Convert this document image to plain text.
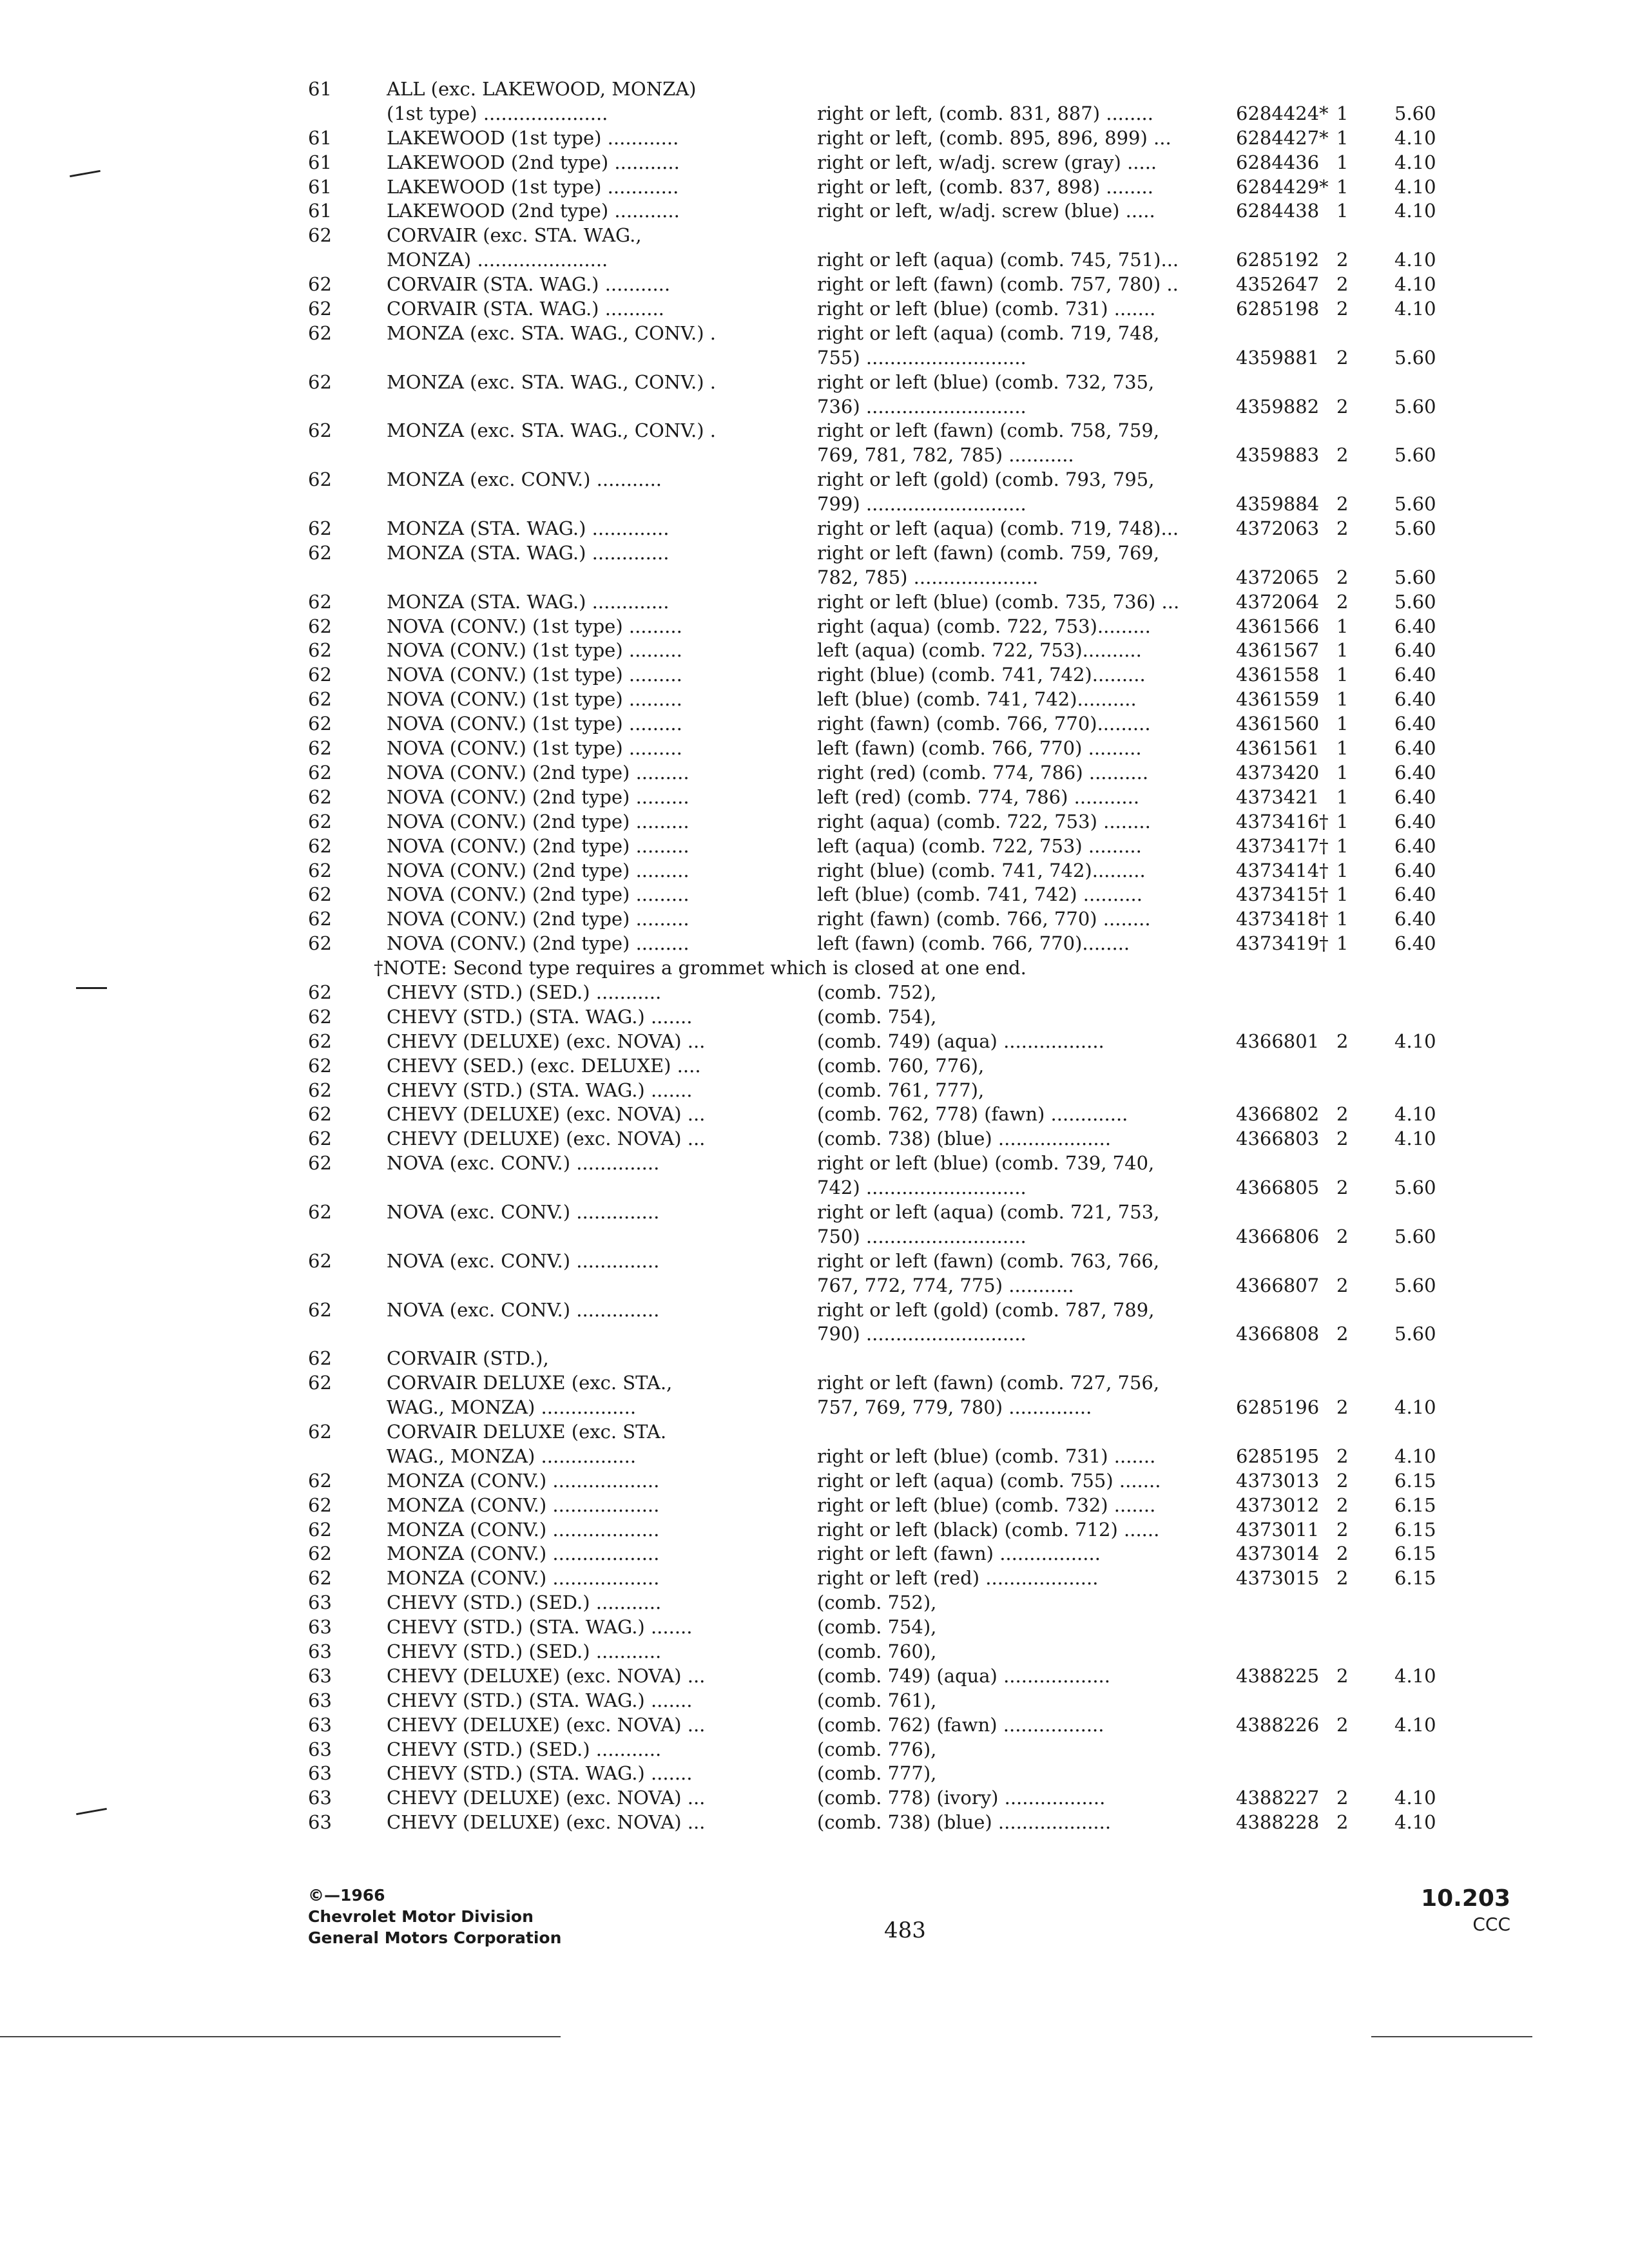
61	ALL (exc. LAKEWOOD, MONZA)
(1st type) .....................	right or left, (comb. 831, 887) ........	6284424* 1 5.60
61	LAKEWOOD (1st type) ............	right or left, (comb. 895, 896, 899) ...	6284427* 1 4.10
61	LAKEWOOD (2nd type) ...........	right or left, w/adj. screw (gray) .....	6284436 1 4.10
61	LAKEWOOD (1st type) ............	right or left, (comb. 837, 898) ........	6284429* 1 4.10
61	LAKEWOOD (2nd type) ...........	right or left, w/adj. screw (blue) .....	6284438 1 4.10
62	CORVAIR (exc. STA. WAG.,
MONZA) ......................	right or left (aqua) (comb. 745, 751)...	6285192 2 4.10
62	CORVAIR (STA. WAG.) ...........	right or left (fawn) (comb. 757, 780) ..	4352647 2 4.10
62	CORVAIR (STA. WAG.) ..........	right or left (blue) (comb. 731) .......	6285198 2 4.10
62	MONZA (exc. STA. WAG., CONV.) .	right or left (aqua) (comb. 719, 748,
755) ...........................	4359881 2 5.60
62	MONZA (exc. STA. WAG., CONV.) .	right or left (blue) (comb. 732, 735,
736) ...........................	4359882 2 5.60
62	MONZA (exc. STA. WAG., CONV.) .	right or left (fawn) (comb. 758, 759,
769, 781, 782, 785) ...........	4359883 2 5.60
62	MONZA (exc. CONV.) ...........	right or left (gold) (comb. 793, 795,
799) ...........................	4359884 2 5.60
62	MONZA (STA. WAG.) .............	right or left (aqua) (comb. 719, 748)...	4372063 2 5.60
62	MONZA (STA. WAG.) .............	right or left (fawn) (comb. 759, 769,
782, 785) .....................	4372065 2 5.60
62	MONZA (STA. WAG.) .............	right or left (blue) (comb. 735, 736) ...	4372064 2 5.60
62	NOVA (CONV.) (1st type) .........	right (aqua) (comb. 722, 753).........	4361566 1 6.40
62	NOVA (CONV.) (1st type) .........	left (aqua) (comb. 722, 753)..........	4361567 1 6.40
62	NOVA (CONV.) (1st type) .........	right (blue) (comb. 741, 742).........	4361558 1 6.40
62	NOVA (CONV.) (1st type) .........	left (blue) (comb. 741, 742)..........	4361559 1 6.40
62	NOVA (CONV.) (1st type) .........	right (fawn) (comb. 766, 770).........	4361560 1 6.40
62	NOVA (CONV.) (1st type) .........	left (fawn) (comb. 766, 770) .........	4361561 1 6.40
62	NOVA (CONV.) (2nd type) .........	right (red) (comb. 774, 786) ..........	4373420 1 6.40
62	NOVA (CONV.) (2nd type) .........	left (red) (comb. 774, 786) ...........	4373421 1 6.40
62	NOVA (CONV.) (2nd type) .........	right (aqua) (comb. 722, 753) ........	4373416† 1 6.40
62	NOVA (CONV.) (2nd type) .........	left (aqua) (comb. 722, 753) .........	4373417† 1 6.40
62	NOVA (CONV.) (2nd type) .........	right (blue) (comb. 741, 742).........	4373414† 1 6.40
62	NOVA (CONV.) (2nd type) .........	left (blue) (comb. 741, 742) ..........	4373415† 1 6.40
62	NOVA (CONV.) (2nd type) .........	right (fawn) (comb. 766, 770) ........	4373418† 1 6.40
62	NOVA (CONV.) (2nd type) .........	left (fawn) (comb. 766, 770)........	4373419† 1 6.40
†NOTE: Second type requires a grommet which is closed at one end.
62	CHEVY (STD.) (SED.) ...........	(comb. 752),
62	CHEVY (STD.) (STA. WAG.) .......	(comb. 754),
62	CHEVY (DELUXE) (exc. NOVA) ...	(comb. 749) (aqua) .................	4366801 2 4.10
62	CHEVY (SED.) (exc. DELUXE) ....	(comb. 760, 776),
62	CHEVY (STD.) (STA. WAG.) .......	(comb. 761, 777),
62	CHEVY (DELUXE) (exc. NOVA) ...	(comb. 762, 778) (fawn) .............	4366802 2 4.10
62	CHEVY (DELUXE) (exc. NOVA) ...	(comb. 738) (blue) ...................	4366803 2 4.10
62	NOVA (exc. CONV.) ..............	right or left (blue) (comb. 739, 740,
742) ...........................	4366805 2 5.60
62	NOVA (exc. CONV.) ..............	right or left (aqua) (comb. 721, 753,
750) ...........................	4366806 2 5.60
62	NOVA (exc. CONV.) ..............	right or left (fawn) (comb. 763, 766,
767, 772, 774, 775) ...........	4366807 2 5.60
62	NOVA (exc. CONV.) ..............	right or left (gold) (comb. 787, 789,
790) ...........................	4366808 2 5.60
62	CORVAIR (STD.),
62	CORVAIR DELUXE (exc. STA.,	right or left (fawn) (comb. 727, 756,
WAG., MONZA) ................	757, 769, 779, 780) ..............	6285196 2 4.10
62	CORVAIR DELUXE (exc. STA.
WAG., MONZA) ................	right or left (blue) (comb. 731) .......	6285195 2 4.10
62	MONZA (CONV.) ..................	right or left (aqua) (comb. 755) .......	4373013 2 6.15
62	MONZA (CONV.) ..................	right or left (blue) (comb. 732) .......	4373012 2 6.15
62	MONZA (CONV.) ..................	right or left (black) (comb. 712) ......	4373011 2 6.15
62	MONZA (CONV.) ..................	right or left (fawn) .................	4373014 2 6.15
62	MONZA (CONV.) ..................	right or left (red) ...................	4373015 2 6.15
63	CHEVY (STD.) (SED.) ...........	(comb. 752),
63	CHEVY (STD.) (STA. WAG.) .......	(comb. 754),
63	CHEVY (STD.) (SED.) ...........	(comb. 760),
63	CHEVY (DELUXE) (exc. NOVA) ...	(comb. 749) (aqua) ..................	4388225 2 4.10
63	CHEVY (STD.) (STA. WAG.) .......	(comb. 761),
63	CHEVY (DELUXE) (exc. NOVA) ...	(comb. 762) (fawn) .................	4388226 2 4.10
63	CHEVY (STD.) (SED.) ...........	(comb. 776),
63	CHEVY (STD.) (STA. WAG.) .......	(comb. 777),
63	CHEVY (DELUXE) (exc. NOVA) ...	(comb. 778) (ivory) .................	4388227 2 4.10
63	CHEVY (DELUXE) (exc. NOVA) ...	(comb. 738) (blue) ...................	4388228 2 4.10
©—1966
Chevrolet Motor Division
General Motors Corporation	483
10.203
CCC
